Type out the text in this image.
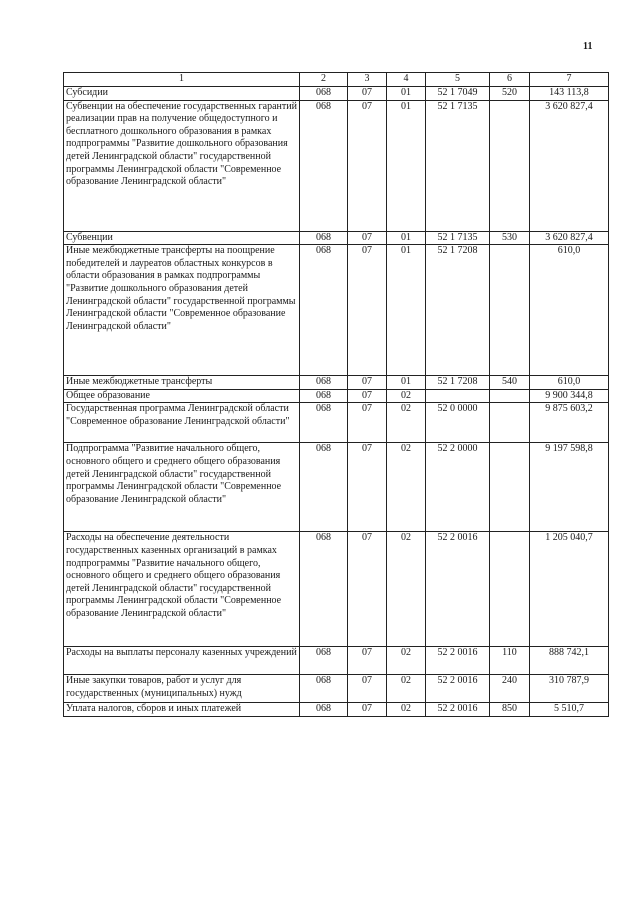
11
1	2	3	4	5	6	7
Субсидии	068	07	01	52 1 7049	520	143 113,8
Субвенции на обеспечение государственных гарантий реализации прав на получение общедоступного и бесплатного дошкольного образования в рамках подпрограммы "Развитие дошкольного образования детей Ленинградской области" государственной программы Ленинградской области "Современное образование Ленинградской области"	068	07	01	52 1 7135		3 620 827,4
Субвенции	068	07	01	52 1 7135	530	3 620 827,4
Иные межбюджетные трансферты на поощрение победителей и лауреатов областных конкурсов в области образования в рамках подпрограммы "Развитие дошкольного образования детей Ленинградской области" государственной программы Ленинградской области "Современное образование Ленинградской области"	068	07	01	52 1 7208		610,0
Иные межбюджетные трансферты	068	07	01	52 1 7208	540	610,0
Общее образование	068	07	02			9 900 344,8
Государственная программа Ленинградской области "Современное образование Ленинградской области"	068	07	02	52 0 0000		9 875 603,2
Подпрограмма "Развитие начального общего, основного общего и среднего общего образования детей Ленинградской области" государственной программы Ленинградской области "Современное образование Ленинградской области"	068	07	02	52 2 0000		9 197 598,8
Расходы на обеспечение деятельности государственных казенных организаций в рамках подпрограммы "Развитие начального общего, основного общего и среднего общего образования детей Ленинградской области" государственной программы Ленинградской области "Современное образование Ленинградской области"	068	07	02	52 2 0016		1 205 040,7
Расходы на выплаты персоналу казенных учреждений	068	07	02	52 2 0016	110	888 742,1
Иные закупки товаров, работ и услуг для государственных (муниципальных) нужд	068	07	02	52 2 0016	240	310 787,9
Уплата налогов, сборов и иных платежей	068	07	02	52 2 0016	850	5 510,7
